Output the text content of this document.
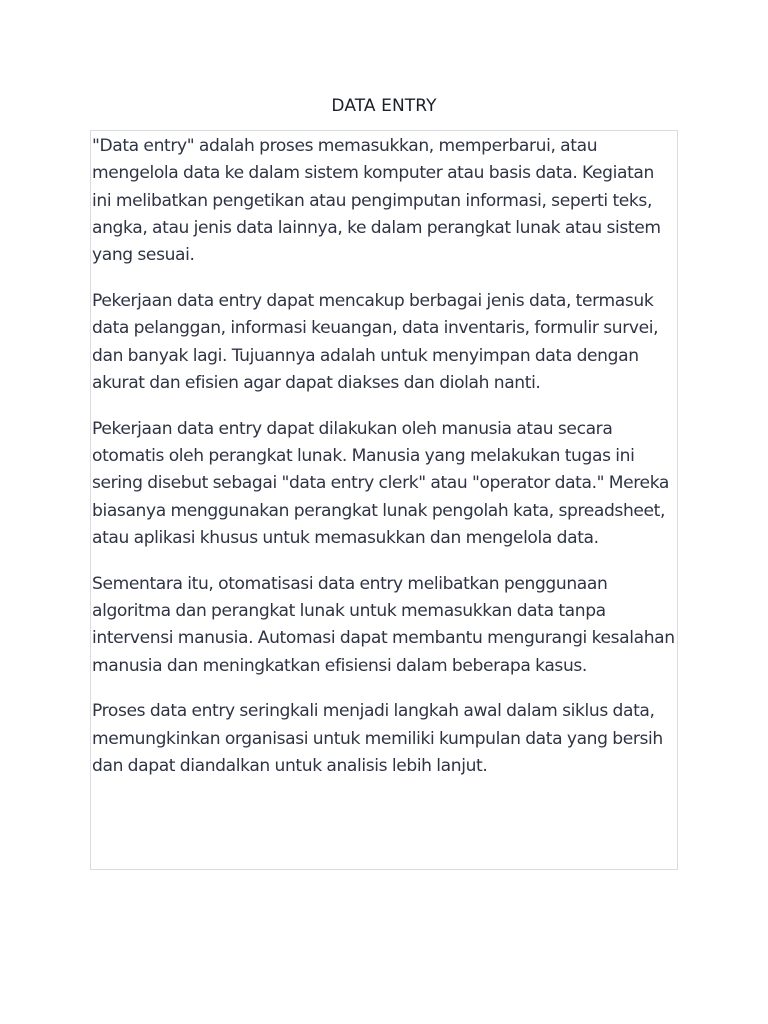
DATA ENTRY

"Data entry" adalah proses memasukkan, memperbarui, atau mengelola data ke dalam sistem komputer atau basis data. Kegiatan ini melibatkan pengetikan atau pengimputan informasi, seperti teks, angka, atau jenis data lainnya, ke dalam perangkat lunak atau sistem yang sesuai.

Pekerjaan data entry dapat mencakup berbagai jenis data, termasuk data pelanggan, informasi keuangan, data inventaris, formulir survei, dan banyak lagi. Tujuannya adalah untuk menyimpan data dengan akurat dan efisien agar dapat diakses dan diolah nanti.

Pekerjaan data entry dapat dilakukan oleh manusia atau secara otomatis oleh perangkat lunak. Manusia yang melakukan tugas ini sering disebut sebagai "data entry clerk" atau "operator data." Mereka biasanya menggunakan perangkat lunak pengolah kata, spreadsheet, atau aplikasi khusus untuk memasukkan dan mengelola data.

Sementara itu, otomatisasi data entry melibatkan penggunaan algoritma dan perangkat lunak untuk memasukkan data tanpa intervensi manusia. Automasi dapat membantu mengurangi kesalahan manusia dan meningkatkan efisiensi dalam beberapa kasus.

Proses data entry seringkali menjadi langkah awal dalam siklus data, memungkinkan organisasi untuk memiliki kumpulan data yang bersih dan dapat diandalkan untuk analisis lebih lanjut.
